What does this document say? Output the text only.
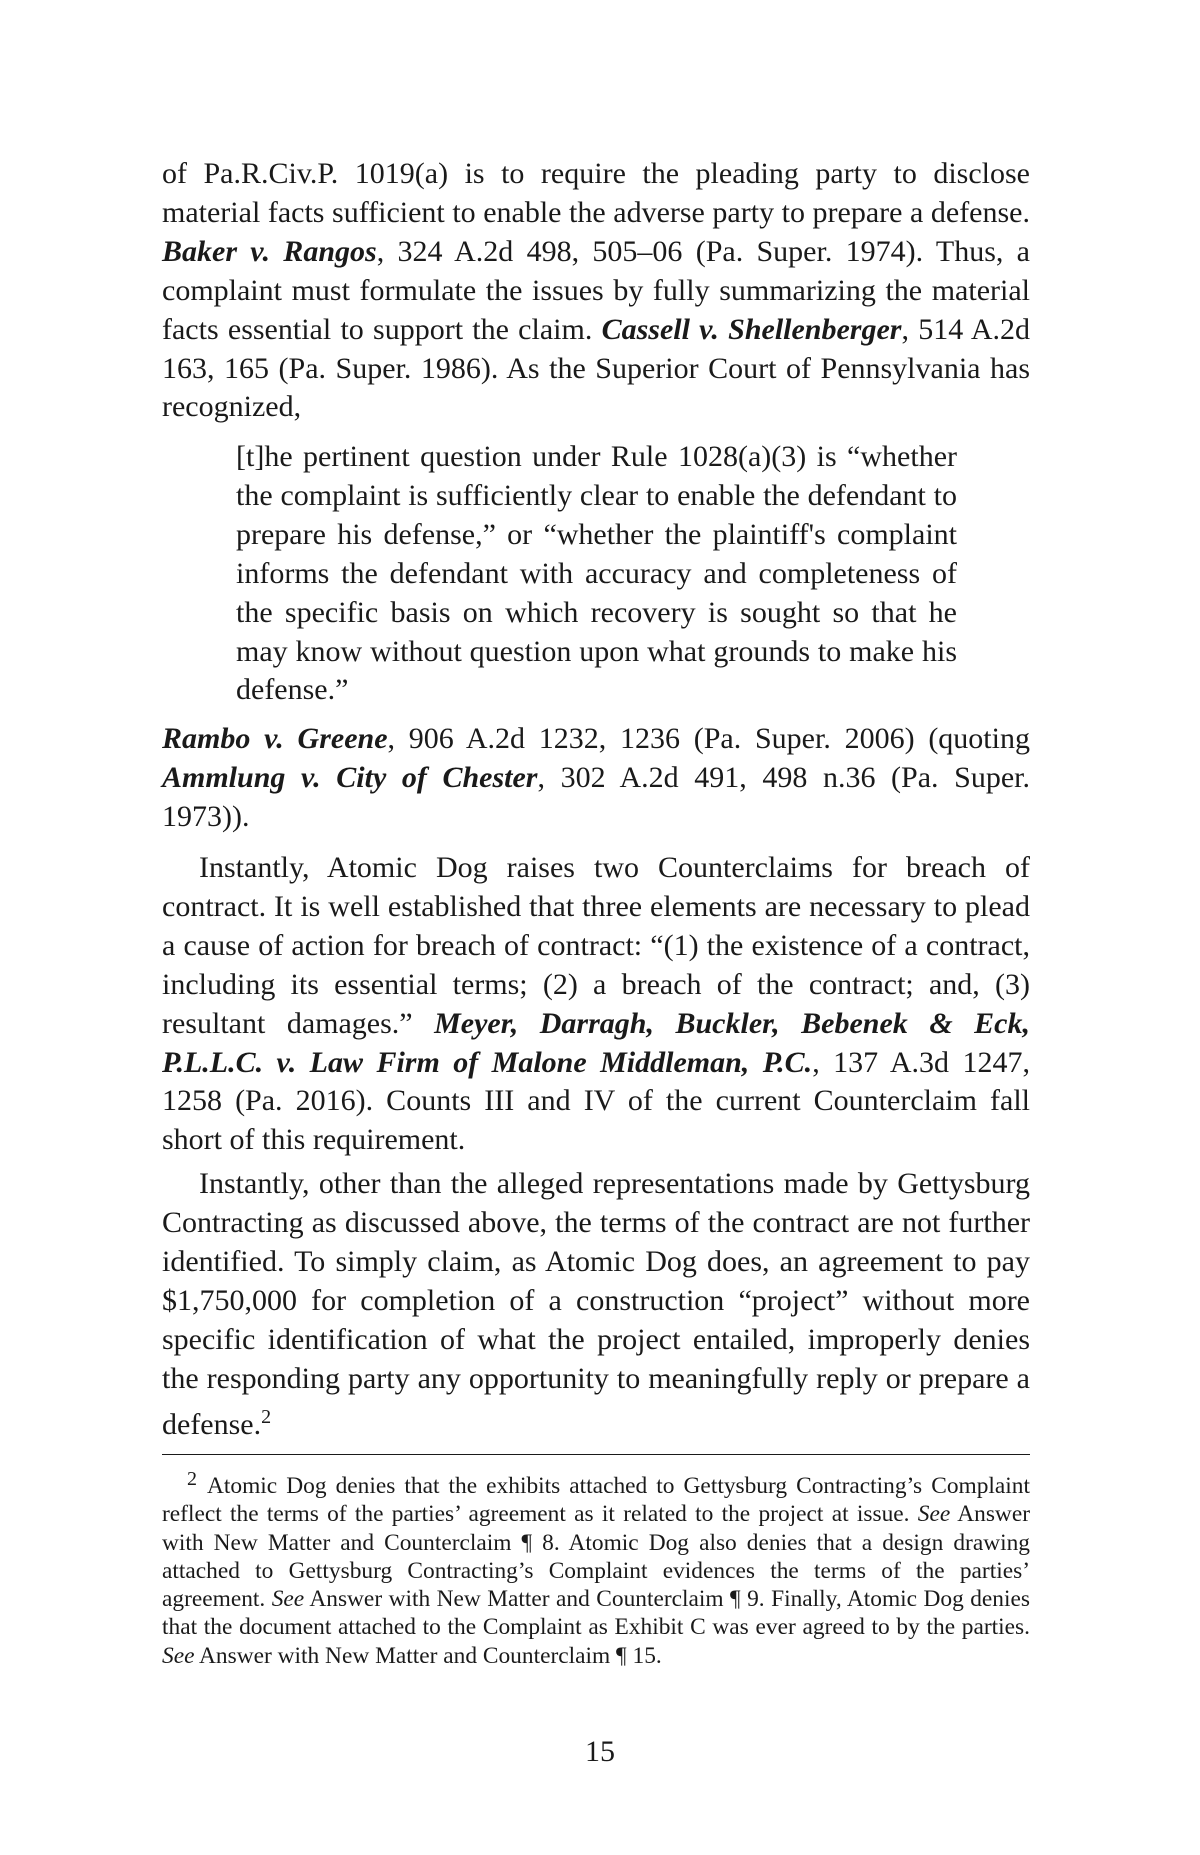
of Pa.R.Civ.P. 1019(a) is to require the pleading party to disclose material facts sufficient to enable the adverse party to prepare a defense. Baker v. Rangos, 324 A.2d 498, 505–06 (Pa. Super. 1974). Thus, a complaint must formulate the issues by fully summarizing the material facts essential to support the claim. Cassell v. Shellenberger, 514 A.2d 163, 165 (Pa. Super. 1986). As the Superior Court of Pennsylvania has recognized,

[t]he pertinent question under Rule 1028(a)(3) is “whether the complaint is sufficiently clear to enable the defendant to prepare his defense,” or “whether the plaintiff's complaint informs the defendant with accuracy and completeness of the specific basis on which recovery is sought so that he may know without question upon what grounds to make his defense.”

Rambo v. Greene, 906 A.2d 1232, 1236 (Pa. Super. 2006) (quoting Ammlung v. City of Chester, 302 A.2d 491, 498 n.36 (Pa. Super. 1973)).

Instantly, Atomic Dog raises two Counterclaims for breach of contract. It is well established that three elements are necessary to plead a cause of action for breach of contract: “(1) the existence of a contract, including its essential terms; (2) a breach of the contract; and, (3) resultant damages.” Meyer, Darragh, Buckler, Bebenek & Eck, P.L.L.C. v. Law Firm of Malone Middleman, P.C., 137 A.3d 1247, 1258 (Pa. 2016). Counts III and IV of the current Counterclaim fall short of this requirement.

Instantly, other than the alleged representations made by Gettysburg Contracting as discussed above, the terms of the contract are not further identified. To simply claim, as Atomic Dog does, an agreement to pay $1,750,000 for completion of a construction “project” without more specific identification of what the project entailed, improperly denies the responding party any opportunity to meaningfully reply or prepare a defense.$^2$

2 Atomic Dog denies that the exhibits attached to Gettysburg Contracting’s Complaint reflect the terms of the parties’ agreement as it related to the project at issue. See Answer with New Matter and Counterclaim ¶ 8. Atomic Dog also denies that a design drawing attached to Gettysburg Contracting’s Complaint evidences the terms of the parties’ agreement. See Answer with New Matter and Counterclaim ¶ 9. Finally, Atomic Dog denies that the document attached to the Complaint as Exhibit C was ever agreed to by the parties. See Answer with New Matter and Counterclaim ¶ 15.

15
